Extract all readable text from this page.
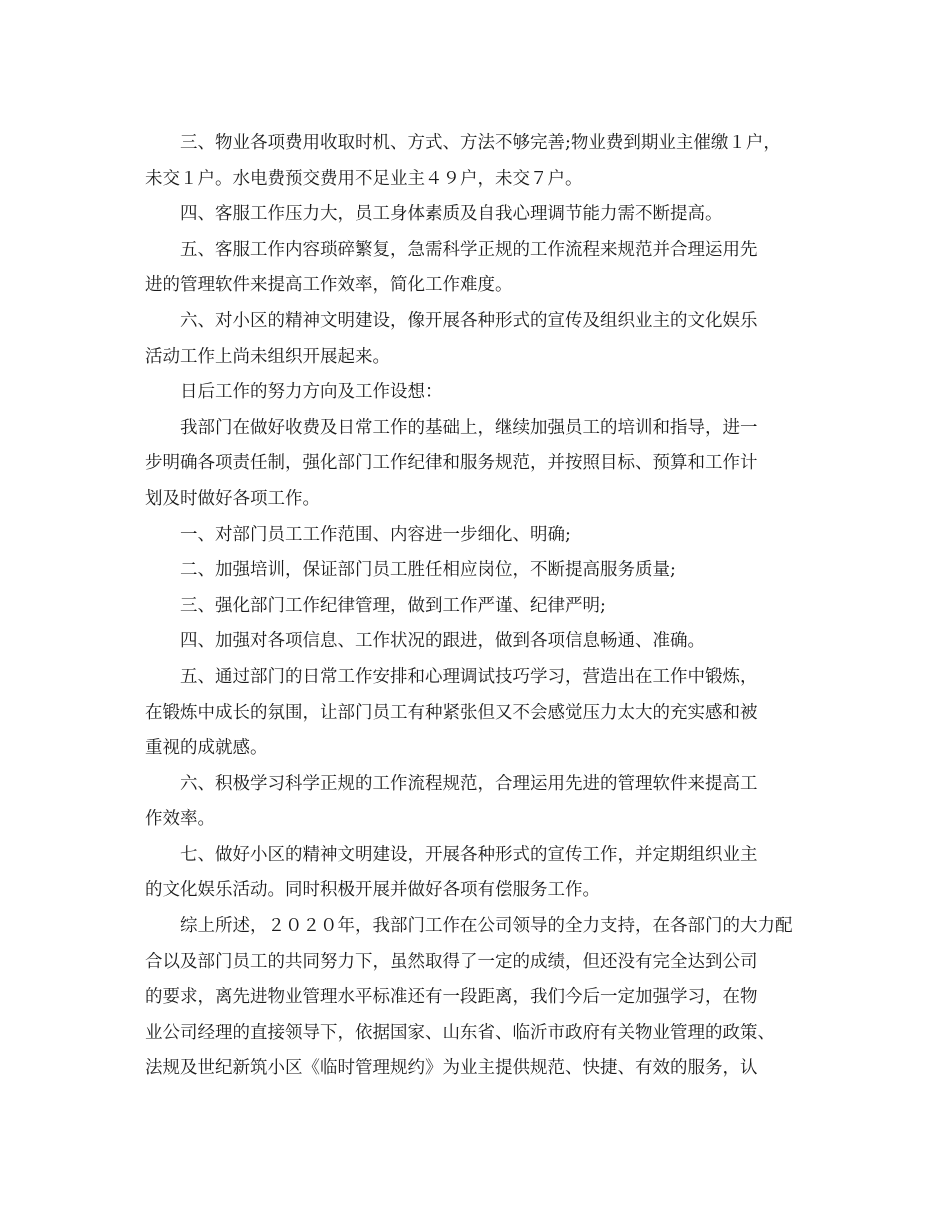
三、物业各项费用收取时机、方式、方法不够完善;物业费到期业主催缴１户，
未交１户。水电费预交费用不足业主４９户，未交７户。
四、客服工作压力大，员工身体素质及自我心理调节能力需不断提高。
五、客服工作内容琐碎繁复，急需科学正规的工作流程来规范并合理运用先
进的管理软件来提高工作效率，简化工作难度。
六、对小区的精神文明建设，像开展各种形式的宣传及组织业主的文化娱乐
活动工作上尚未组织开展起来。
日后工作的努力方向及工作设想：
我部门在做好收费及日常工作的基础上，继续加强员工的培训和指导，进一
步明确各项责任制，强化部门工作纪律和服务规范，并按照目标、预算和工作计
划及时做好各项工作。
一、对部门员工工作范围、内容进一步细化、明确;
二、加强培训，保证部门员工胜任相应岗位，不断提高服务质量;
三、强化部门工作纪律管理，做到工作严谨、纪律严明;
四、加强对各项信息、工作状况的跟进，做到各项信息畅通、准确。
五、通过部门的日常工作安排和心理调试技巧学习，营造出在工作中锻炼，
在锻炼中成长的氛围，让部门员工有种紧张但又不会感觉压力太大的充实感和被
重视的成就感。
六、积极学习科学正规的工作流程规范，合理运用先进的管理软件来提高工
作效率。
七、做好小区的精神文明建设，开展各种形式的宣传工作，并定期组织业主
的文化娱乐活动。同时积极开展并做好各项有偿服务工作。
综上所述，２０２０年，我部门工作在公司领导的全力支持，在各部门的大力配
合以及部门员工的共同努力下，虽然取得了一定的成绩，但还没有完全达到公司
的要求，离先进物业管理水平标准还有一段距离，我们今后一定加强学习，在物
业公司经理的直接领导下，依据国家、山东省、临沂市政府有关物业管理的政策、
法规及世纪新筑小区《临时管理规约》为业主提供规范、快捷、有效的服务，认
